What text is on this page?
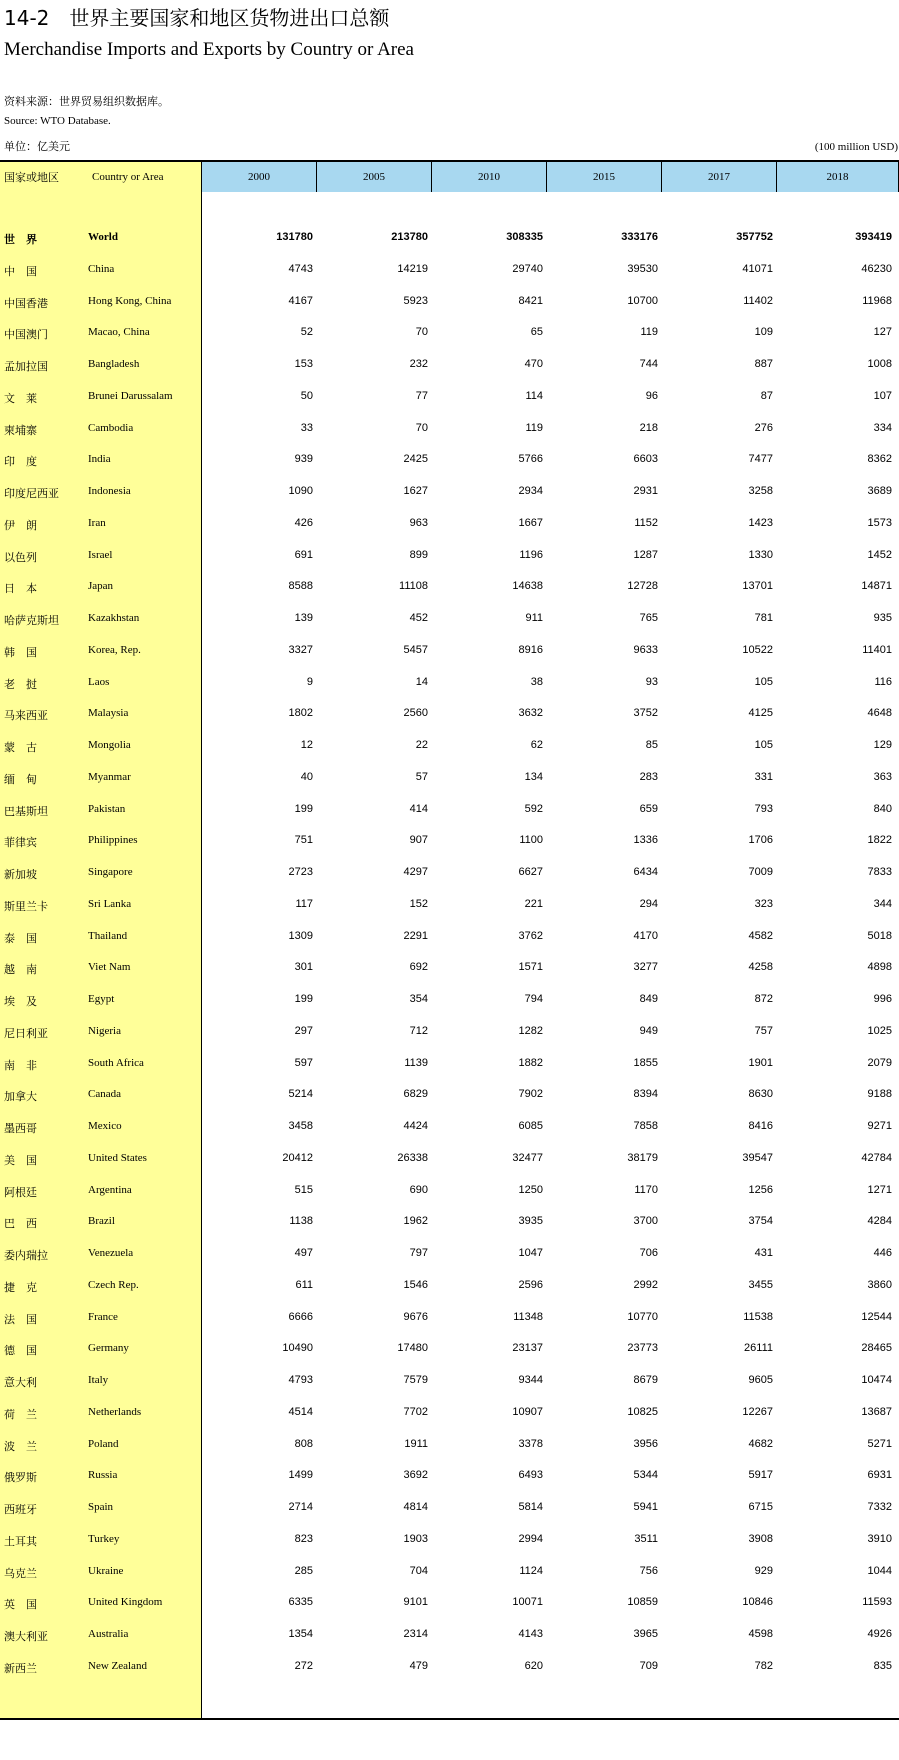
14-2　世界主要国家和地区货物进出口总额
Merchandise Imports and Exports by Country or Area
资料来源：世界贸易组织数据库。
Source: WTO Database.
单位：亿美元	(100 million USD)
国家或地区	Country or Area	2000	2005	2010	2015	2017	2018
世　界	World	131780	213780	308335	333176	357752	393419
中　国	China	4743	14219	29740	39530	41071	46230
中国香港	Hong Kong, China	4167	5923	8421	10700	11402	11968
中国澳门	Macao, China	52	70	65	119	109	127
孟加拉国	Bangladesh	153	232	470	744	887	1008
文　莱	Brunei Darussalam	50	77	114	96	87	107
柬埔寨	Cambodia	33	70	119	218	276	334
印　度	India	939	2425	5766	6603	7477	8362
印度尼西亚	Indonesia	1090	1627	2934	2931	3258	3689
伊　朗	Iran	426	963	1667	1152	1423	1573
以色列	Israel	691	899	1196	1287	1330	1452
日　本	Japan	8588	11108	14638	12728	13701	14871
哈萨克斯坦	Kazakhstan	139	452	911	765	781	935
韩　国	Korea, Rep.	3327	5457	8916	9633	10522	11401
老　挝	Laos	9	14	38	93	105	116
马来西亚	Malaysia	1802	2560	3632	3752	4125	4648
蒙　古	Mongolia	12	22	62	85	105	129
缅　甸	Myanmar	40	57	134	283	331	363
巴基斯坦	Pakistan	199	414	592	659	793	840
菲律宾	Philippines	751	907	1100	1336	1706	1822
新加坡	Singapore	2723	4297	6627	6434	7009	7833
斯里兰卡	Sri Lanka	117	152	221	294	323	344
泰　国	Thailand	1309	2291	3762	4170	4582	5018
越　南	Viet Nam	301	692	1571	3277	4258	4898
埃　及	Egypt	199	354	794	849	872	996
尼日利亚	Nigeria	297	712	1282	949	757	1025
南　非	South Africa	597	1139	1882	1855	1901	2079
加拿大	Canada	5214	6829	7902	8394	8630	9188
墨西哥	Mexico	3458	4424	6085	7858	8416	9271
美　国	United States	20412	26338	32477	38179	39547	42784
阿根廷	Argentina	515	690	1250	1170	1256	1271
巴　西	Brazil	1138	1962	3935	3700	3754	4284
委内瑞拉	Venezuela	497	797	1047	706	431	446
捷　克	Czech Rep.	611	1546	2596	2992	3455	3860
法　国	France	6666	9676	11348	10770	11538	12544
德　国	Germany	10490	17480	23137	23773	26111	28465
意大利	Italy	4793	7579	9344	8679	9605	10474
荷　兰	Netherlands	4514	7702	10907	10825	12267	13687
波　兰	Poland	808	1911	3378	3956	4682	5271
俄罗斯	Russia	1499	3692	6493	5344	5917	6931
西班牙	Spain	2714	4814	5814	5941	6715	7332
土耳其	Turkey	823	1903	2994	3511	3908	3910
乌克兰	Ukraine	285	704	1124	756	929	1044
英　国	United Kingdom	6335	9101	10071	10859	10846	11593
澳大利亚	Australia	1354	2314	4143	3965	4598	4926
新西兰	New Zealand	272	479	620	709	782	835
